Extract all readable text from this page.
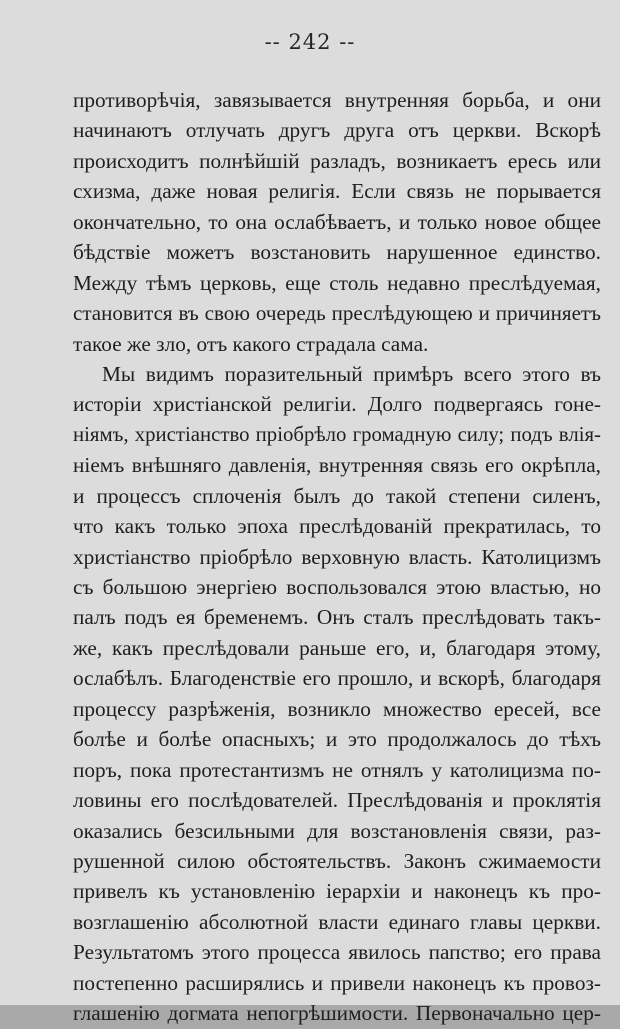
-- 242 --
противорѣчія, завязывается внутренняя борьба, и они
начинаютъ отлучать другъ друга отъ церкви. Вскорѣ
происходитъ полнѣйшій разладъ, возникаетъ ересь или
схизма, даже новая религія. Если связь не порывается
окончательно, то она ослабѣваетъ, и только новое общее
бѣдствіе можетъ возстановить нарушенное единство.
Между тѣмъ церковь, еще столь недавно преслѣдуемая,
становится въ свою очередь преслѣдующею и причиняетъ
такое же зло, отъ какого страдала сама.
Мы видимъ поразительный примѣръ всего этого въ
исторіи христіанской религіи. Долго подвергаясь гоне-
ніямъ, христіанство пріобрѣло громадную силу; подъ влія-
ніемъ внѣшняго давленія, внутренняя связь его окрѣпла,
и процессъ сплоченія былъ до такой степени силенъ,
что какъ только эпоха преслѣдованій прекратилась, то
христіанство пріобрѣло верховную власть. Католицизмъ
съ большою энергіею воспользовался этою властью, но
палъ подъ ея бременемъ. Онъ сталъ преслѣдовать такъ-
же, какъ преслѣдовали раньше его, и, благодаря этому,
ослабѣлъ. Благоденствіе его прошло, и вскорѣ, благодаря
процессу разрѣженія, возникло множество ересей, все
болѣе и болѣе опасныхъ; и это продолжалось до тѣхъ
поръ, пока протестантизмъ не отнялъ у католицизма по-
ловины его послѣдователей. Преслѣдованія и проклятія
оказались безсильными для возстановленія связи, раз-
рушенной силою обстоятельствъ. Законъ сжимаемости
привелъ къ установленію іерархіи и наконецъ къ про-
возглашенію абсолютной власти единаго главы церкви.
Результатомъ этого процесса явилось папство; его права
постепенно расширялись и привели наконецъ къ провоз-
глашенію догмата непогрѣшимости. Первоначально цер-
